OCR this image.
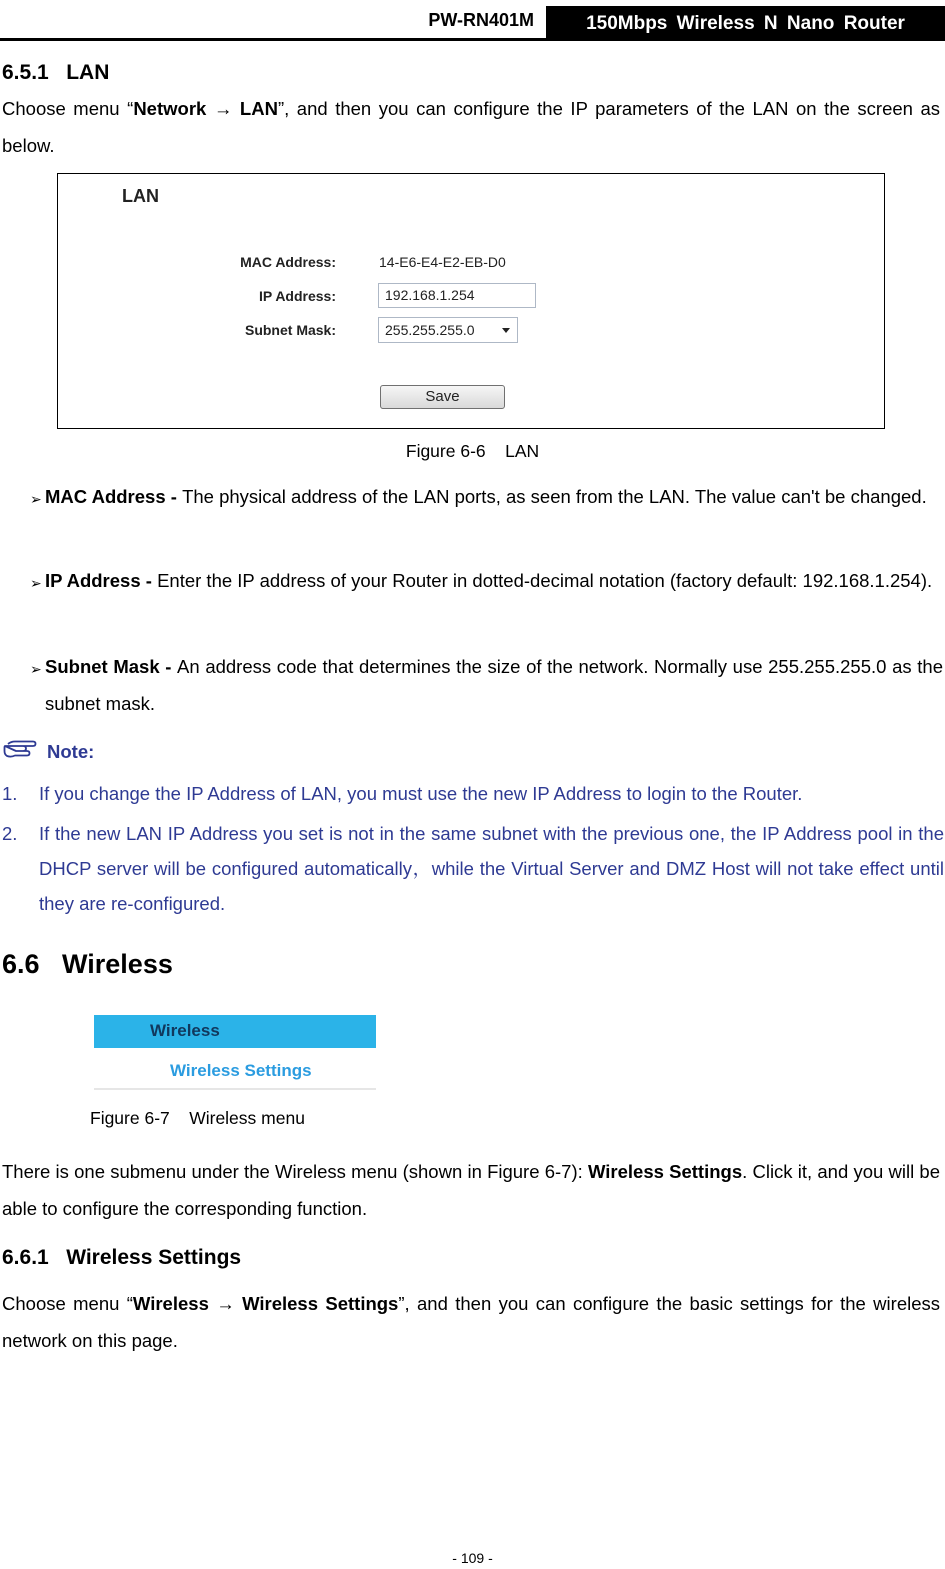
PW-RN401M	150Mbps Wireless N Nano Router
6.5.1   LAN
Choose menu “Network → LAN”, and then you can configure the IP parameters of the LAN on the screen as below.
LAN
MAC Address:	14-E6-E4-E2-EB-D0
IP Address:	192.168.1.254
Subnet Mask:	255.255.255.0
Save
Figure 6-6    LAN
➢ MAC Address - The physical address of the LAN ports, as seen from the LAN. The value can't be changed.
➢ IP Address - Enter the IP address of your Router in dotted-decimal notation (factory default: 192.168.1.254).
➢ Subnet Mask - An address code that determines the size of the network. Normally use 255.255.255.0 as the subnet mask.
Note:
1. If you change the IP Address of LAN, you must use the new IP Address to login to the Router.
2. If the new LAN IP Address you set is not in the same subnet with the previous one, the IP Address pool in the DHCP server will be configured automatically，while the Virtual Server and DMZ Host will not take effect until they are re-configured.
6.6   Wireless
Wireless
Wireless Settings
Figure 6-7    Wireless menu
There is one submenu under the Wireless menu (shown in Figure 6-7): Wireless Settings. Click it, and you will be able to configure the corresponding function.
6.6.1   Wireless Settings
Choose menu “Wireless → Wireless Settings”, and then you can configure the basic settings for the wireless network on this page.
- 109 -
